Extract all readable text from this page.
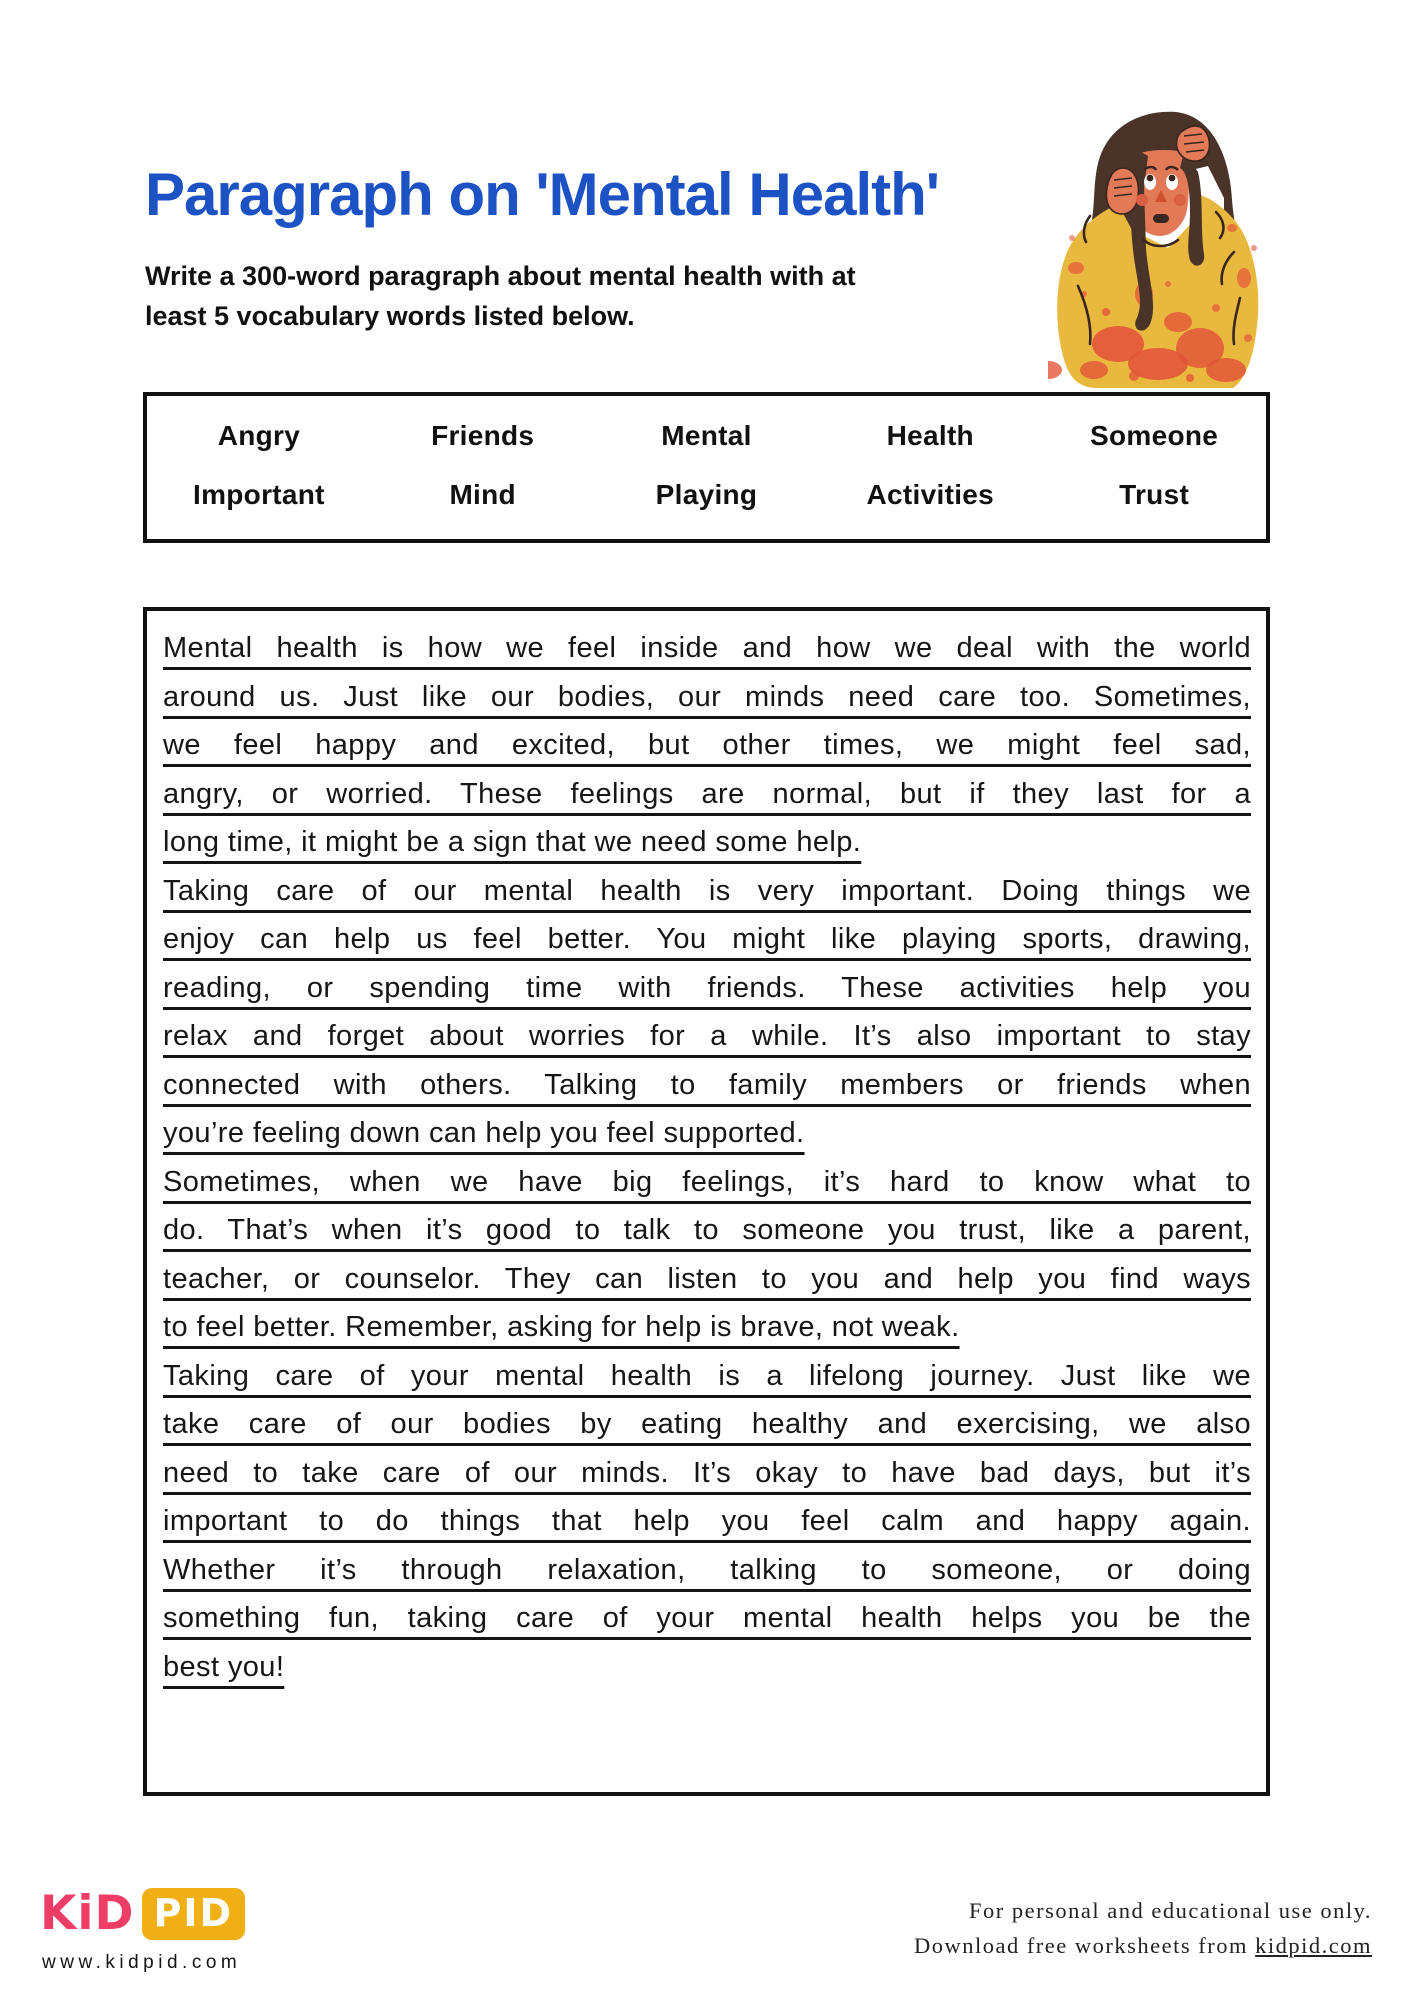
Paragraph on 'Mental Health'
Write a 300-word paragraph about mental health with at
least 5 vocabulary words listed below.
Angry	Friends	Mental	Health	Someone
Important	Mind	Playing	Activities	Trust
Mental health is how we feel inside and how we deal with the world
around us. Just like our bodies, our minds need care too. Sometimes,
we feel happy and excited, but other times, we might feel sad,
angry, or worried. These feelings are normal, but if they last for a
long time, it might be a sign that we need some help.
Taking care of our mental health is very important. Doing things we
enjoy can help us feel better. You might like playing sports, drawing,
reading, or spending time with friends. These activities help you
relax and forget about worries for a while. It’s also important to stay
connected with others. Talking to family members or friends when
you’re feeling down can help you feel supported.
Sometimes, when we have big feelings, it’s hard to know what to
do. That’s when it’s good to talk to someone you trust, like a parent,
teacher, or counselor. They can listen to you and help you find ways
to feel better. Remember, asking for help is brave, not weak.
Taking care of your mental health is a lifelong journey. Just like we
take care of our bodies by eating healthy and exercising, we also
need to take care of our minds. It’s okay to have bad days, but it’s
important to do things that help you feel calm and happy again.
Whether it’s through relaxation, talking to someone, or doing
something fun, taking care of your mental health helps you be the
best you!
KiD PID
www.kidpid.com
For personal and educational use only.
Download free worksheets from kidpid.com
